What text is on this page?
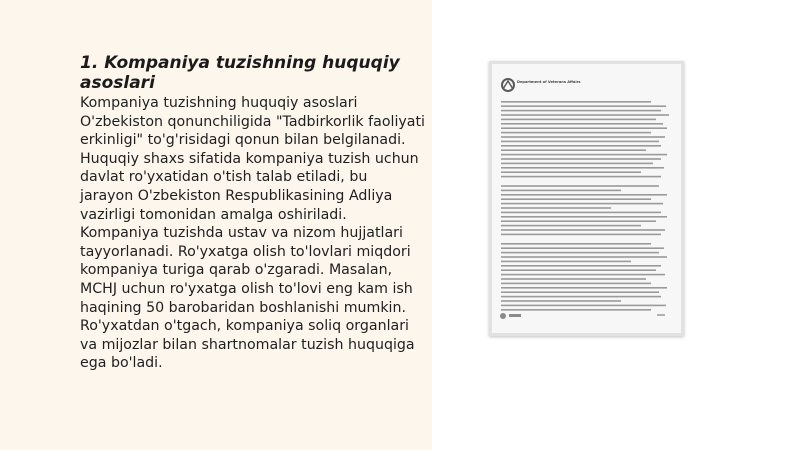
1. Kompaniya tuzishning huquqiy asoslari

Kompaniya tuzishning huquqiy asoslari O'zbekiston qonunchiligida "Tadbirkorlik faoliyati erkinligi" to'g'risidagi qonun bilan belgilanadi. Huquqiy shaxs sifatida kompaniya tuzish uchun davlat ro'yxatidan o'tish talab etiladi, bu jarayon O'zbekiston Respublikasining Adliya vazirligi tomonidan amalga oshiriladi. Kompaniya tuzishda ustav va nizom hujjatlari tayyorlanadi. Ro'yxatga olish to'lovlari miqdori kompaniya turiga qarab o'zgaradi. Masalan, MCHJ uchun ro'yxatga olish to'lovi eng kam ish haqining 50 barobaridan boshlanishi mumkin. Ro'yxatdan o'tgach, kompaniya soliq organlari va mijozlar bilan shartnomalar tuzish huquqiga ega bo'ladi.

Department of Veterans Affairs
